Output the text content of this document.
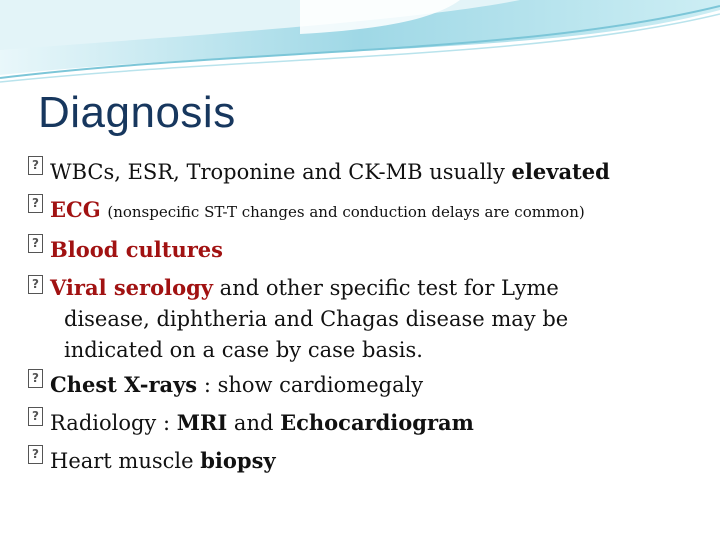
Diagnosis
?
WBCs, ESR, Troponine and CK-MB usually elevated
?
ECG (nonspecific ST-T changes and conduction delays are common)
?
Blood cultures
?
Viral serology and other specific test for Lyme
disease, diphtheria and Chagas disease may be
indicated on a case by case basis.
?
Chest X-rays : show cardiomegaly
?
Radiology : MRI and Echocardiogram
?
Heart muscle biopsy
